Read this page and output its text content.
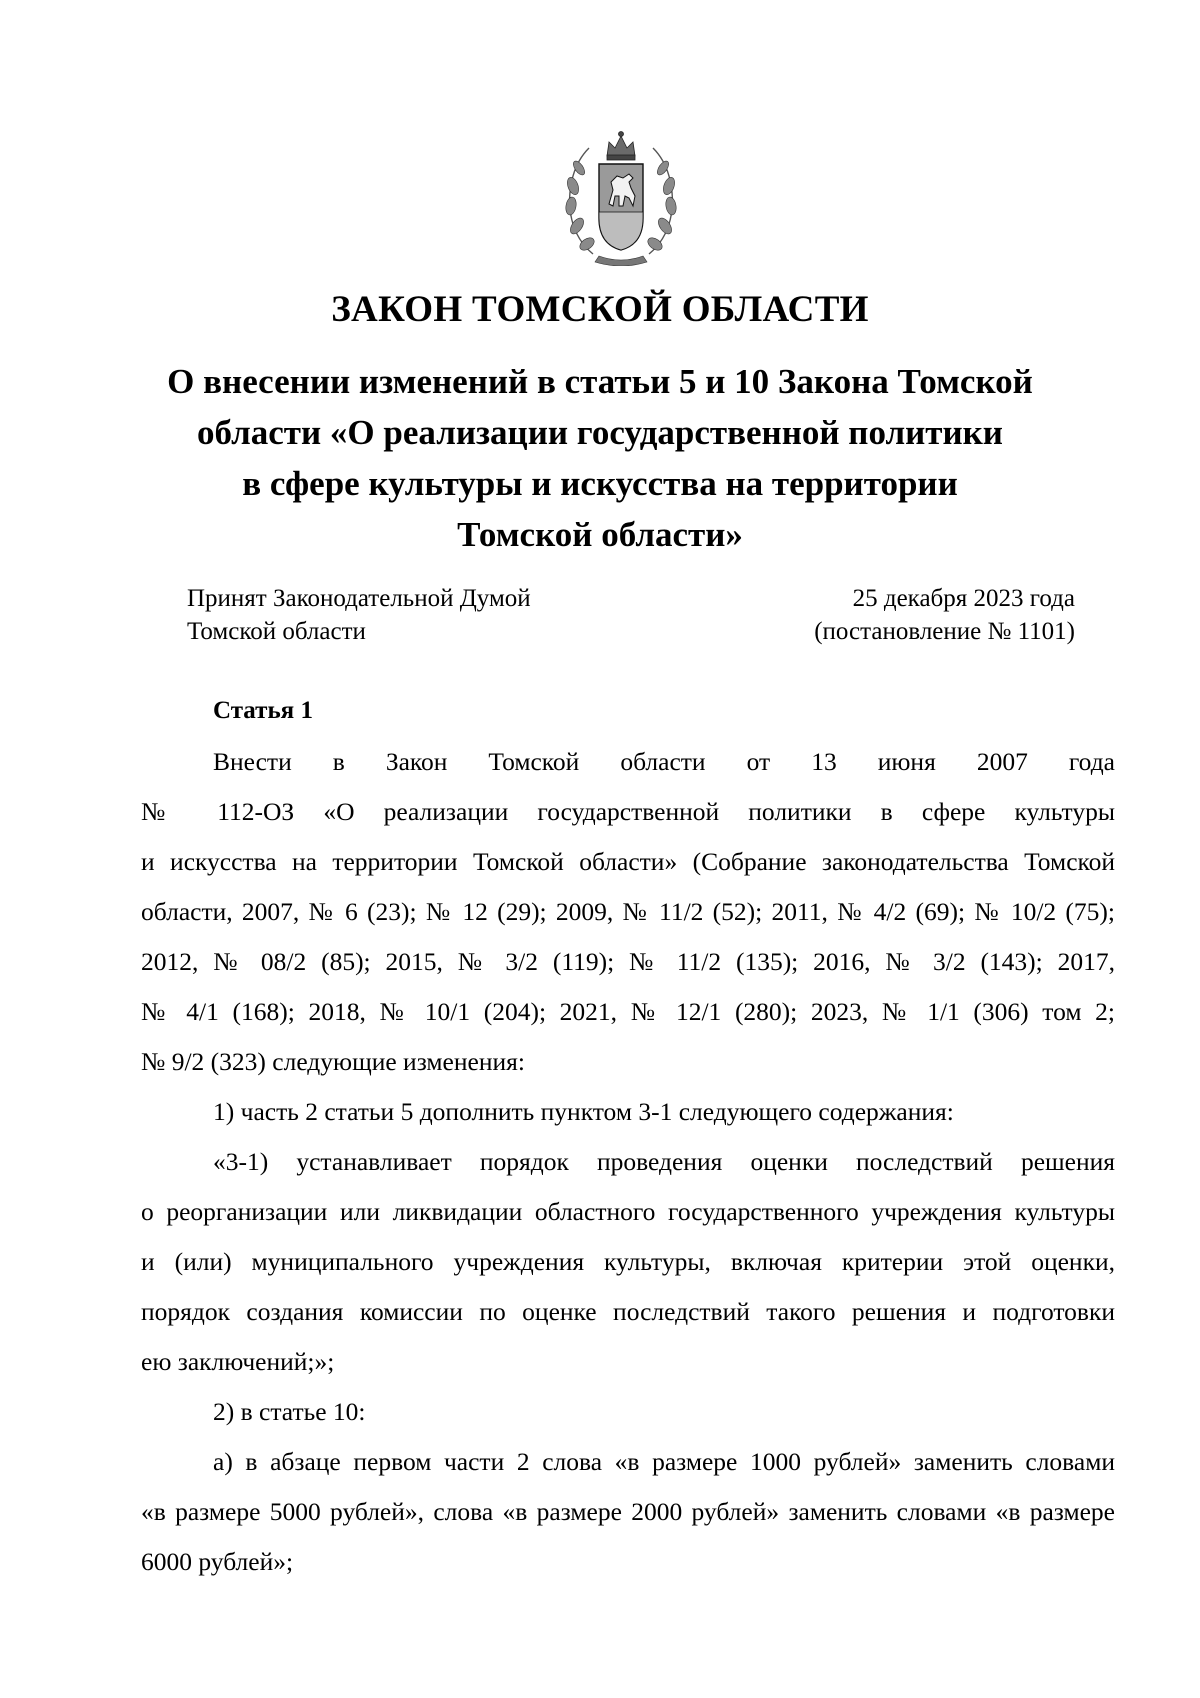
ЗАКОН ТОМСКОЙ ОБЛАСТИ
О внесении изменений в статьи 5 и 10 Закона Томской
области «О реализации государственной политики
в сфере культуры и искусства на территории
Томской области»
Принят Законодательной Думой
Томской области
25 декабря 2023 года
(постановление № 1101)
Статья 1

Внести в Закон Томской области от 13 июня 2007 года
№ 112-ОЗ «О реализации государственной политики в сфере культуры
и искусства на территории Томской области» (Собрание законодательства Томской
области, 2007, № 6 (23); № 12 (29); 2009, № 11/2 (52); 2011, № 4/2 (69); № 10/2 (75);
2012, № 08/2 (85); 2015, № 3/2 (119); № 11/2 (135); 2016, № 3/2 (143); 2017,
№ 4/1 (168); 2018, № 10/1 (204); 2021, № 12/1 (280); 2023, № 1/1 (306) том 2;
№ 9/2 (323) следующие изменения:

1) часть 2 статьи 5 дополнить пунктом 3-1 следующего содержания:

«3-1) устанавливает порядок проведения оценки последствий решения
о реорганизации или ликвидации областного государственного учреждения культуры
и (или) муниципального учреждения культуры, включая критерии этой оценки,
порядок создания комиссии по оценке последствий такого решения и подготовки
ею заключений;»;

2) в статье 10:

а) в абзаце первом части 2 слова «в размере 1000 рублей» заменить словами
«в размере 5000 рублей», слова «в размере 2000 рублей» заменить словами «в размере
6000 рублей»;
